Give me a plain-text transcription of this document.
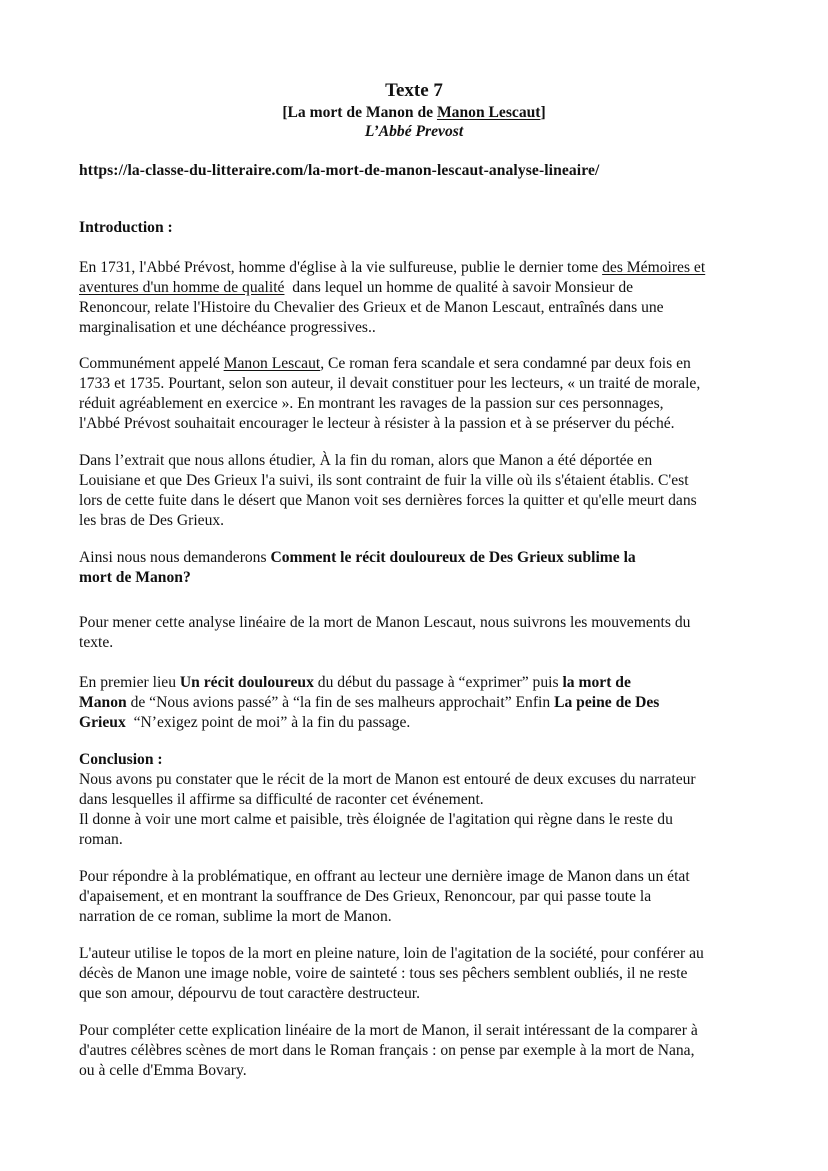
Texte 7
[La mort de Manon de Manon Lescaut]
L’Abbé Prevost
https://la-classe-du-litteraire.com/la-mort-de-manon-lescaut-analyse-lineaire/
Introduction :
Conclusion :
En 1731, l'Abbé Prévost, homme d'église à la vie sulfureuse, publie le dernier tome des Mémoires et
aventures d'un homme de qualité  dans lequel un homme de qualité à savoir Monsieur de
Renoncour, relate l'Histoire du Chevalier des Grieux et de Manon Lescaut, entraînés dans une
marginalisation et une déchéance progressives..
Communément appelé Manon Lescaut, Ce roman fera scandale et sera condamné par deux fois en
1733 et 1735. Pourtant, selon son auteur, il devait constituer pour les lecteurs, « un traité de morale,
réduit agréablement en exercice ». En montrant les ravages de la passion sur ces personnages,
l'Abbé Prévost souhaitait encourager le lecteur à résister à la passion et à se préserver du péché.
Dans l’extrait que nous allons étudier, À la fin du roman, alors que Manon a été déportée en
Louisiane et que Des Grieux l'a suivi, ils sont contraint de fuir la ville où ils s'étaient établis. C'est
lors de cette fuite dans le désert que Manon voit ses dernières forces la quitter et qu'elle meurt dans
les bras de Des Grieux.
Ainsi nous nous demanderons Comment le récit douloureux de Des Grieux sublime la
mort de Manon?
Pour mener cette analyse linéaire de la mort de Manon Lescaut, nous suivrons les mouvements du
texte.
En premier lieu Un récit douloureux du début du passage à “exprimer” puis la mort de
Manon de “Nous avions passé” à “la fin de ses malheurs approchait” Enfin La peine de Des
Grieux  “N’exigez point de moi” à la fin du passage.
Nous avons pu constater que le récit de la mort de Manon est entouré de deux excuses du narrateur
dans lesquelles il affirme sa difficulté de raconter cet événement.
Il donne à voir une mort calme et paisible, très éloignée de l'agitation qui règne dans le reste du
roman.
Pour répondre à la problématique, en offrant au lecteur une dernière image de Manon dans un état
d'apaisement, et en montrant la souffrance de Des Grieux, Renoncour, par qui passe toute la
narration de ce roman, sublime la mort de Manon.
L'auteur utilise le topos de la mort en pleine nature, loin de l'agitation de la société, pour conférer au
décès de Manon une image noble, voire de sainteté : tous ses pêchers semblent oubliés, il ne reste
que son amour, dépourvu de tout caractère destructeur.
Pour compléter cette explication linéaire de la mort de Manon, il serait intéressant de la comparer à
d'autres célèbres scènes de mort dans le Roman français : on pense par exemple à la mort de Nana,
ou à celle d'Emma Bovary.
